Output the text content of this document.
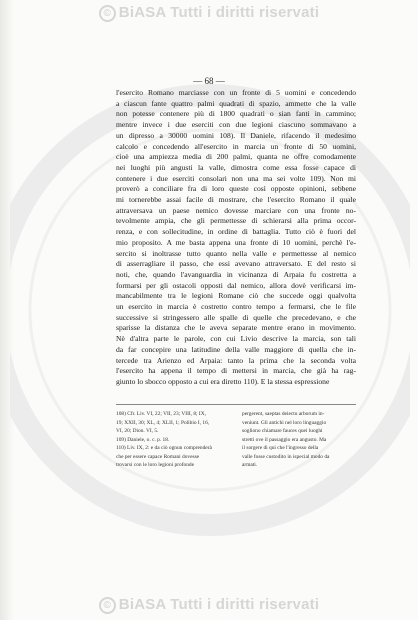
© BiASA Tutti i diritti riservati
— 68 —
l'esercito Romano marciasse con un fronte di 5 uomini e concedendo
a ciascun fante quattro palmi quadrati di spazio, ammette che la valle
non potesse contenere più di 1800 quadrati o sian fanti in cammino;
mentre invece i due eserciti con due legioni ciascuno sommavano a
un dipresso a 30000 uomini 108). Il Daniele, rifacendo il medesimo
calcolo e concedendo all'esercito in marcia un fronte di 50 uomini,
cioè una ampiezza media di 200 palmi, quanta ne offre comodamente
nei luoghi più angusti la valle, dimostra come essa fosse capace di
contenere i due eserciti consolari non una ma sei volte 109). Non mi
proverò a conciliare fra di loro queste così opposte opinioni, sebbene
mi tornerebbe assai facile di mostrare, che l'esercito Romano il quale
attraversava un paese nemico dovesse marciare con una fronte no-
tevolmente ampia, che gli permettesse di schierarsi alla prima occor-
renza, e con sollecitudine, in ordine di battaglia. Tutto ciò è fuori del
mio proposito. A me basta appena una fronte di 10 uomini, perchè l'e-
sercito si inoltrasse tutto quanto nella valle e permettesse al nemico
di asserragliare il passo, che essi avevano attraversato. E del resto si
noti, che, quando l'avanguardia in vicinanza di Arpaia fu costretta a
formarsi per gli ostacoli opposti dal nemico, allora dovè verificarsi im-
mancabilmente tra le legioni Romane ciò che succede oggi qualvolta
un esercito in marcia è costretto contro tempo a fermarsi, che le file
successive si stringessero alle spalle di quelle che precedevano, e che
sparisse la distanza che le aveva separate mentre erano in movimento.
Nè d'altra parte le parole, con cui Livio descrive la marcia, son tali
da far concepire una latitudine della valle maggiore di quella che in-
tercede tra Arienzo ed Arpaia: tanto la prima che la seconda volta
l'esercito ha appena il tempo di mettersi in marcia, che già ha rag-
giunto lo sbocco opposto a cui era diretto 110). E la stessa espressione
108) Cfr. Liv. VI, 22; VII, 23; VIII, 8; IX,
19; XXII, 30; XL, 4; XLII, 1; Polibio I, 16,
VI, 20; Dion. VI, 5.
109) Daniele, o. c. p. 18.
110) Liv. IX, 2: e da ciò ognun comprenderà
che per essere capace Romani dovesse
trovarsi con le loro legioni profonde
pergerent, saeptas deiectu arborum in-
veniunt. Gli antichi nel loro linguaggio
sogliono chiamare fauces quei luoghi
stretti ove il passaggio era angusto. Ma
il sorgere di qui che l'ingresso della
valle fosse custodito in ispecial modo da
armati.
© BiASA Tutti i diritti riservati
